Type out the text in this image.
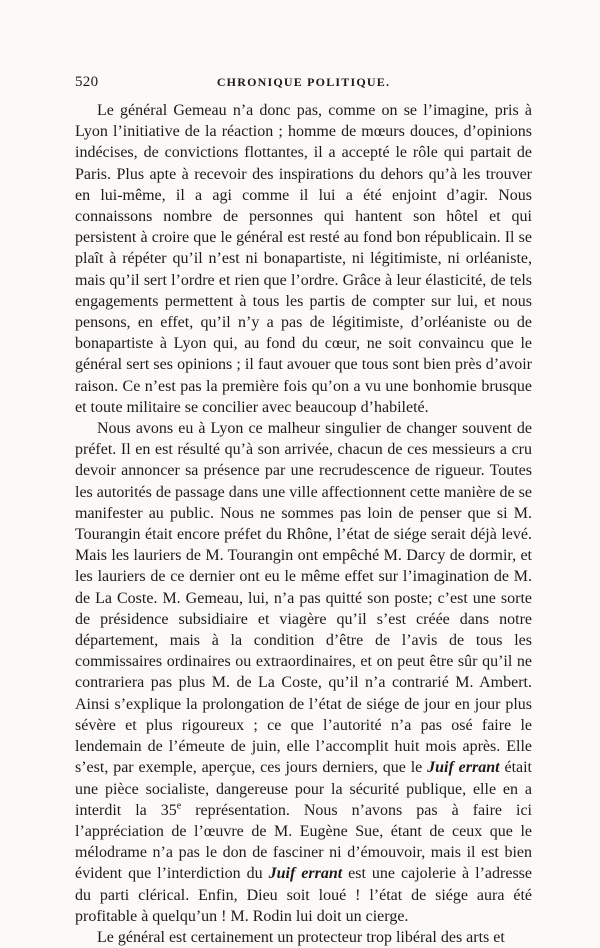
520	CHRONIQUE POLITIQUE.

Le général Gemeau n’a donc pas, comme on se l’imagine, pris à Lyon l’initiative de la réaction ; homme de mœurs douces, d’opinions indécises, de convictions flottantes, il a accepté le rôle qui partait de Paris. Plus apte à recevoir des inspirations du dehors qu’à les trouver en lui-même, il a agi comme il lui a été enjoint d’agir. Nous connaissons nombre de personnes qui hantent son hôtel et qui persistent à croire que le général est resté au fond bon républicain. Il se plaît à répéter qu’il n’est ni bonapartiste, ni légitimiste, ni orléaniste, mais qu’il sert l’ordre et rien que l’ordre. Grâce à leur élasticité, de tels engagements permettent à tous les partis de compter sur lui, et nous pensons, en effet, qu’il n’y a pas de légitimiste, d’orléaniste ou de bonapartiste à Lyon qui, au fond du cœur, ne soit convaincu que le général sert ses opinions ; il faut avouer que tous sont bien près d’avoir raison. Ce n’est pas la première fois qu’on a vu une bonhomie brusque et toute militaire se concilier avec beaucoup d’habileté.

Nous avons eu à Lyon ce malheur singulier de changer souvent de préfet. Il en est résulté qu’à son arrivée, chacun de ces messieurs a cru devoir annoncer sa présence par une recrudescence de rigueur. Toutes les autorités de passage dans une ville affectionnent cette manière de se manifester au public. Nous ne sommes pas loin de penser que si M. Tourangin était encore préfet du Rhône, l’état de siége serait déjà levé. Mais les lauriers de M. Tourangin ont empêché M. Darcy de dormir, et les lauriers de ce dernier ont eu le même effet sur l’imagination de M. de La Coste. M. Gemeau, lui, n’a pas quitté son poste; c’est une sorte de présidence subsidiaire et viagère qu’il s’est créée dans notre département, mais à la condition d’être de l’avis de tous les commissaires ordinaires ou extraordinaires, et on peut être sûr qu’il ne contrariera pas plus M. de La Coste, qu’il n’a contrarié M. Ambert. Ainsi s’explique la prolongation de l’état de siége de jour en jour plus sévère et plus rigoureux ; ce que l’autorité n’a pas osé faire le lendemain de l’émeute de juin, elle l’accomplit huit mois après. Elle s’est, par exemple, aperçue, ces jours derniers, que le Juif errant était une pièce socialiste, dangereuse pour la sécurité publique, elle en a interdit la 35e représentation. Nous n’avons pas à faire ici l’appréciation de l’œuvre de M. Eugène Sue, étant de ceux que le mélodrame n’a pas le don de fasciner ni d’émouvoir, mais il est bien évident que l’interdiction du Juif errant est une cajolerie à l’adresse du parti clérical. Enfin, Dieu soit loué ! l’état de siége aura été profitable à quelqu’un ! M. Rodin lui doit un cierge.

Le général est certainement un protecteur trop libéral des arts et
